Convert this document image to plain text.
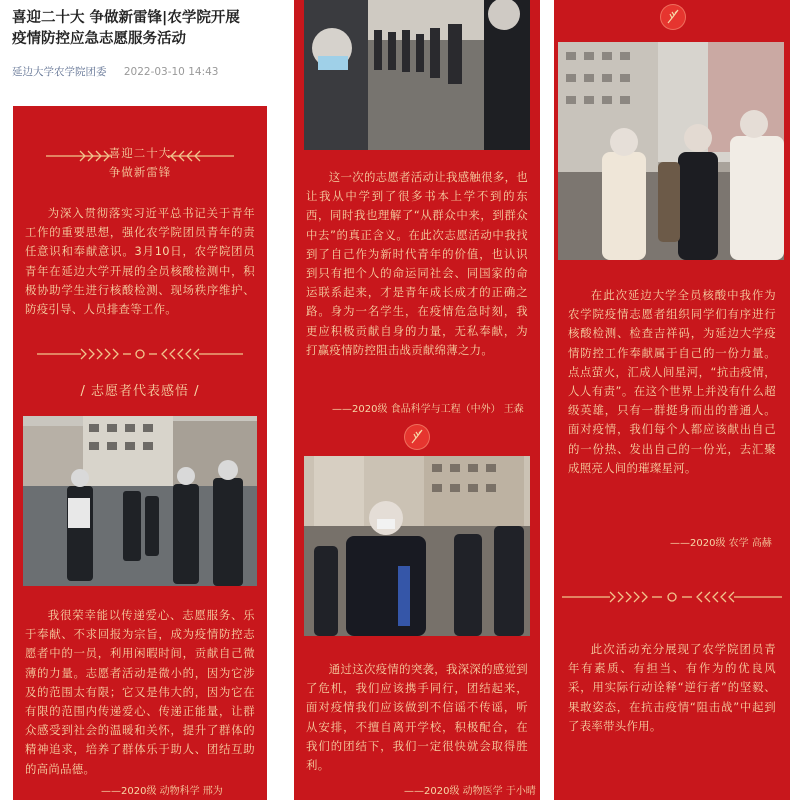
喜迎二十大 争做新雷锋|农学院开展
疫情防控应急志愿服务活动
延边大学农学院团委 2022-03-10 14:43
喜迎二十大
争做新雷锋
为深入贯彻落实习近平总书记关于青年工作的重要思想，强化农学院团员青年的责任意识和奉献意识。3月10日，农学院团员青年在延边大学开展的全员核酸检测中，积极协助学生进行核酸检测、现场秩序维护、防疫引导、人员排查等工作。
/ 志愿者代表感悟 /
我很荣幸能以传递爱心、志愿服务、乐于奉献、不求回报为宗旨，成为疫情防控志愿者中的一员，利用闲暇时间，贡献自己微薄的力量。志愿者活动是微小的，因为它涉及的范围太有限；它又是伟大的，因为它在有限的范围内传递爱心、传递正能量，让群众感受到社会的温暖和关怀，提升了群体的精神追求，培养了群体乐于助人、团结互助的高尚品德。
——2020级 动物科学 邢为
这一次的志愿者活动让我感触很多，也让我从中学到了很多书本上学不到的东西，同时我也理解了“从群众中来，到群众中去”的真正含义。在此次志愿活动中我找到了自己作为新时代青年的价值，也认识到只有把个人的命运同社会、同国家的命运联系起来，才是青年成长成才的正确之路。身为一名学生，在疫情危急时刻，我更应积极贡献自身的力量，无私奉献，为打赢疫情防控阻击战贡献绵薄之力。
——2020级 食品科学与工程（中外） 王森
通过这次疫情的突袭，我深深的感觉到了危机，我们应该携手同行，团结起来，面对疫情我们应该做到不信谣不传谣，听从安排，不擅自离开学校，积极配合，在我们的团结下，我们一定很快就会取得胜利。
——2020级 动物医学 于小晴
在此次延边大学全员核酸中我作为农学院疫情志愿者组织同学们有序进行核酸检测、检查吉祥码，为延边大学疫情防控工作奉献属于自己的一份力量。点点萤火，汇成人间星河，“抗击疫情，人人有责”。在这个世界上并没有什么超级英雄，只有一群挺身而出的普通人。面对疫情，我们每个人都应该献出自己的一份热、发出自己的一份光，去汇聚成照亮人间的璀璨星河。
——2020级 农学 高赫
此次活动充分展现了农学院团员青年有素质、有担当、有作为的优良风采，用实际行动诠释“逆行者”的坚毅、果敢姿态，在抗击疫情“阻击战”中起到了表率带头作用。
